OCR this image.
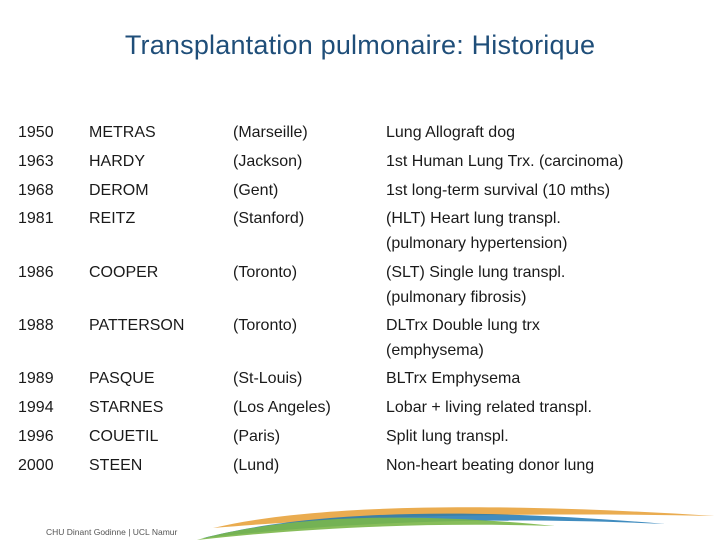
Transplantation pulmonaire: Historique
1950 METRAS	(Marseille)	Lung Allograft dog
1963 HARDY	(Jackson)	1st Human Lung Trx. (carcinoma)
1968 DEROM	(Gent)	1st long-term survival (10 mths)
1981 REITZ	(Stanford)	(HLT) Heart lung transpl.
(pulmonary hypertension)
1986 COOPER	(Toronto)	(SLT) Single lung transpl.
(pulmonary fibrosis)
1988 PATTERSON	(Toronto)	DLTrx Double lung trx
(emphysema)
1989 PASQUE	(St-Louis)	BLTrx Emphysema
1994 STARNES	(Los Angeles)	Lobar + living related transpl.
1996 COUETIL	(Paris)	Split lung transpl.
2000 STEEN	(Lund)	Non-heart beating donor lung
CHU Dinant Godinne | UCL Namur
